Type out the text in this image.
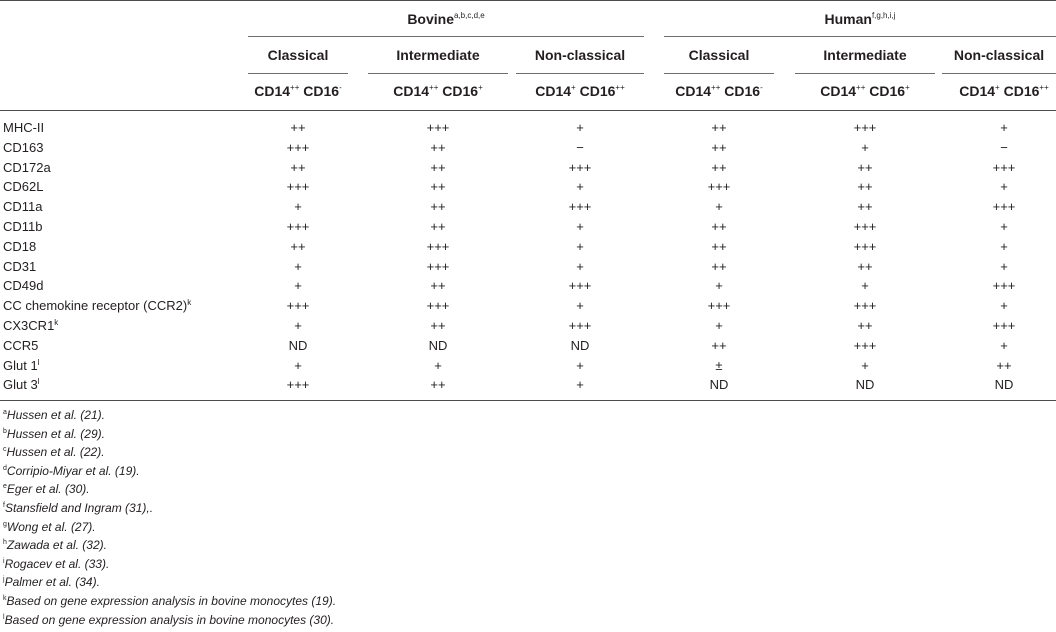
Bovine$^{a,b,c,d,e}$	Human$^{f,g,h,i,j}$
Classical	Intermediate	Non-classical	Classical	Intermediate	Non-classical
CD14++ CD16-	CD14++ CD16+	CD14+ CD16++	CD14++ CD16-	CD14++ CD16+	CD14+ CD16++
MHC-II	++	+++	+	++	+++	+
CD163	+++	++	−	++	+	−
CD172a	++	++	+++	++	++	+++
CD62L	+++	++	+	+++	++	+
CD11a	+	++	+++	+	++	+++
CD11b	+++	++	+	++	+++	+
CD18	++	+++	+	++	+++	+
CD31	+	+++	+	++	++	+
CD49d	+	++	+++	+	+	+++
CC chemokine receptor $(CCR2)^k$	+++	+++	+	+++	+++	+
$CX3CR1^k$	+	++	+++	+	++	+++
CCR5	ND	ND	ND	++	+++	+
Glut $1^l$	+	+	+	±	+	++
Glut $3^l$	+++	++	+	ND	ND	ND
$^a$Hussen et al. (21).
$^b$Hussen et al. (29).
$^c$Hussen et al. (22).
$^d$Corripio-Miyar et al. (19).
$^e$Eger et al. (30).
$^f$Stansfield and Ingram (31),.
$^g$Wong et al. (27).
$^h$Zawada et al. (32).
$^i$Rogacev et al. (33).
$^j$Palmer et al. (34).
$^k$Based on gene expression analysis in bovine monocytes (19).
$^l$Based on gene expression analysis in bovine monocytes (30).
